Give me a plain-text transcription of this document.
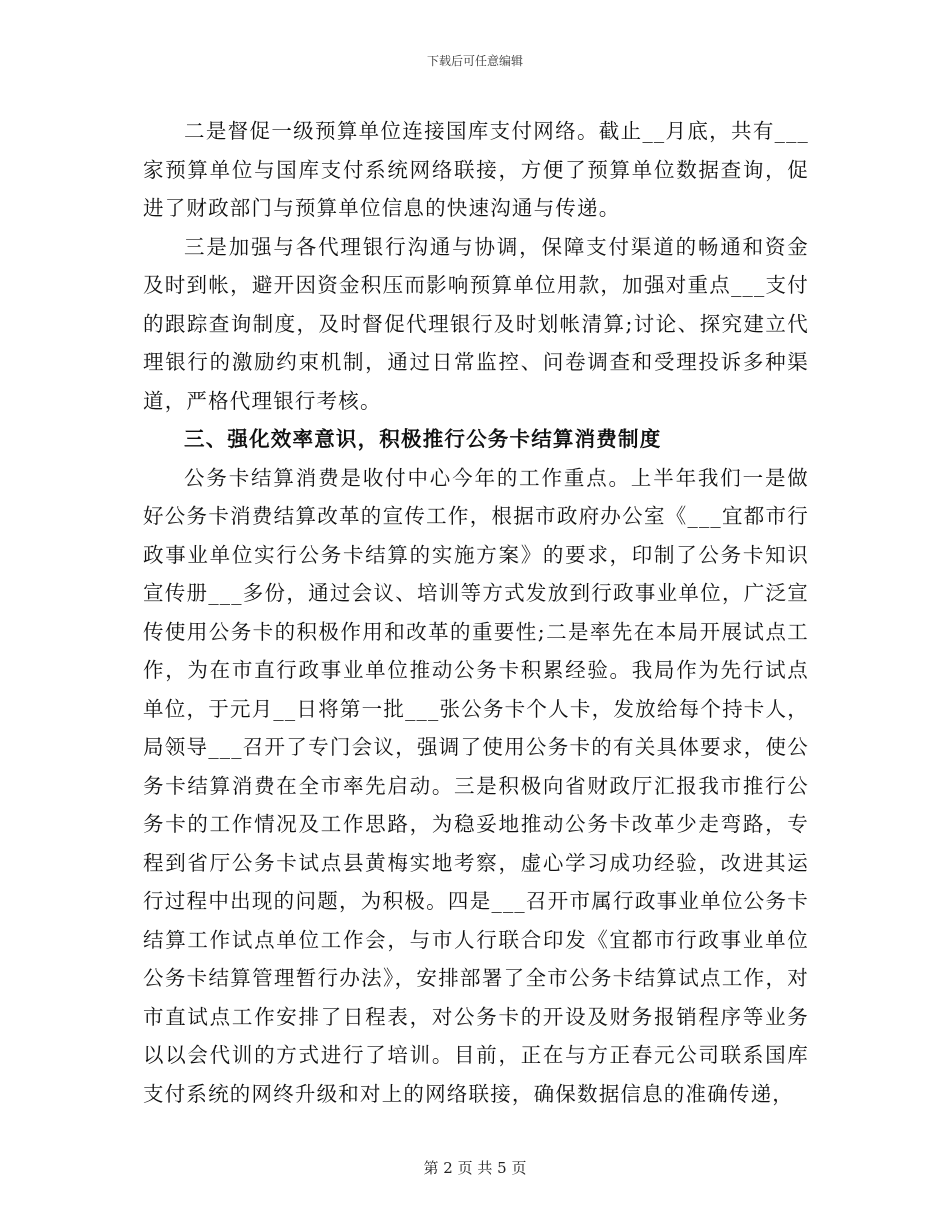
下载后可任意编辑

二是督促一级预算单位连接国库支付网络。截止__月底，共有___家预算单位与国库支付系统网络联接，方便了预算单位数据查询，促进了财政部门与预算单位信息的快速沟通与传递。

三是加强与各代理银行沟通与协调，保障支付渠道的畅通和资金及时到帐，避开因资金积压而影响预算单位用款，加强对重点___支付的跟踪查询制度，及时督促代理银行及时划帐清算;讨论、探究建立代理银行的激励约束机制，通过日常监控、问卷调查和受理投诉多种渠道，严格代理银行考核。

三、强化效率意识，积极推行公务卡结算消费制度

公务卡结算消费是收付中心今年的工作重点。上半年我们一是做好公务卡消费结算改革的宣传工作，根据市政府办公室《___宜都市行政事业单位实行公务卡结算的实施方案》的要求，印制了公务卡知识宣传册___多份，通过会议、培训等方式发放到行政事业单位，广泛宣传使用公务卡的积极作用和改革的重要性;二是率先在本局开展试点工作，为在市直行政事业单位推动公务卡积累经验。我局作为先行试点单位，于元月__日将第一批___张公务卡个人卡，发放给每个持卡人，局领导___召开了专门会议，强调了使用公务卡的有关具体要求，使公务卡结算消费在全市率先启动。三是积极向省财政厅汇报我市推行公务卡的工作情况及工作思路，为稳妥地推动公务卡改革少走弯路，专程到省厅公务卡试点县黄梅实地考察，虚心学习成功经验，改进其运行过程中出现的问题，为积极。四是___召开市属行政事业单位公务卡结算工作试点单位工作会，与市人行联合印发《宜都市行政事业单位公务卡结算管理暂行办法》，安排部署了全市公务卡结算试点工作，对市直试点工作安排了日程表，对公务卡的开设及财务报销程序等业务以以会代训的方式进行了培训。目前，正在与方正春元公司联系国库支付系统的网终升级和对上的网络联接，确保数据信息的准确传递，

第 2 页 共 5 页
